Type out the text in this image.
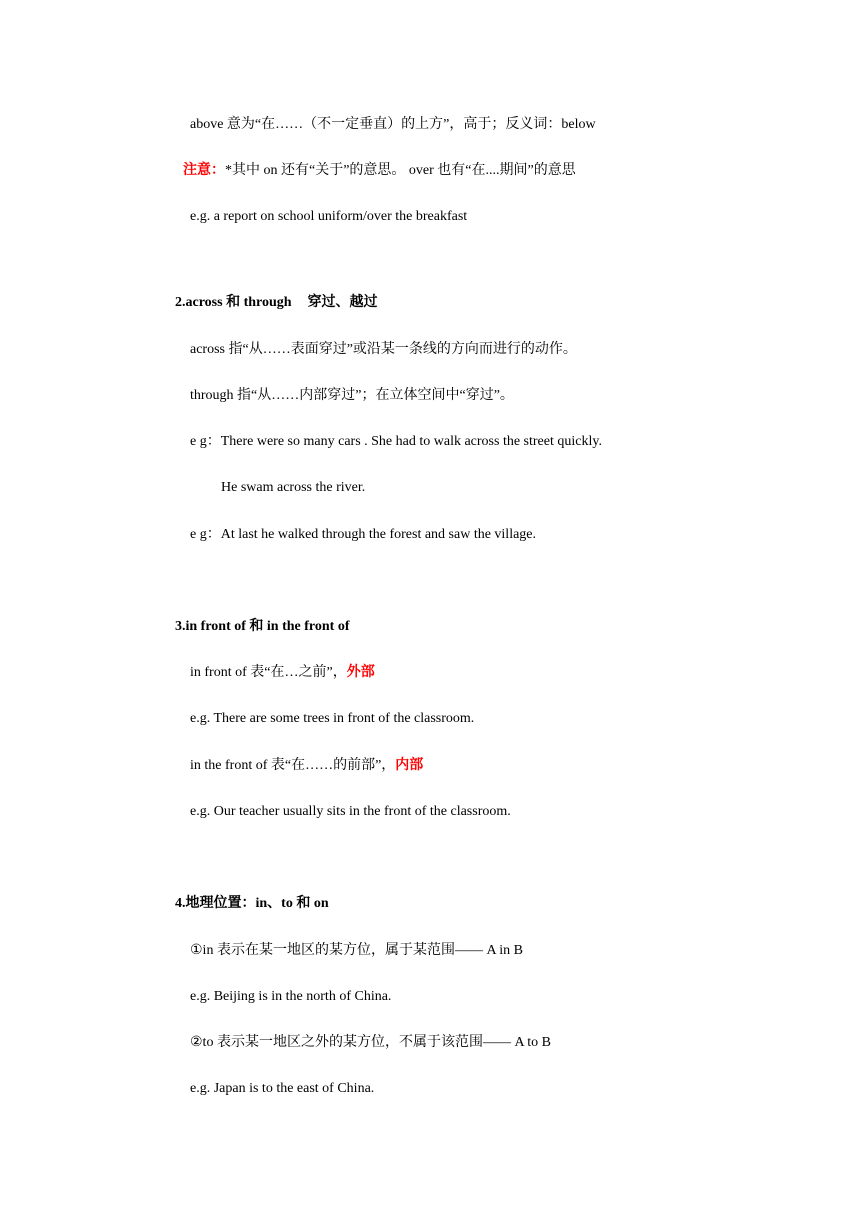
above 意为“在……（不一定垂直）的上方”，高于；反义词：below
注意：*其中 on 还有“关于”的意思。 over 也有“在....期间”的意思
e.g. a report on school uniform/over the breakfast
2.across 和 through 穿过、越过
across 指“从……表面穿过”或沿某一条线的方向而进行的动作。
through 指“从……内部穿过”；在立体空间中“穿过”。
e g：There were so many cars . She had to walk across the street quickly.
He swam across the river.
e g：At last he walked through the forest and saw the village.
3.in front of 和 in the front of
in front of 表“在…之前”，外部
e.g. There are some trees in front of the classroom.
in the front of 表“在……的前部”，内部
e.g. Our teacher usually sits in the front of the classroom.
4.地理位置：in、to 和 on
①in 表示在某一地区的某方位，属于某范围—— A in B
e.g. Beijing is in the north of China.
②to 表示某一地区之外的某方位，不属于该范围—— A to B
e.g. Japan is to the east of China.
